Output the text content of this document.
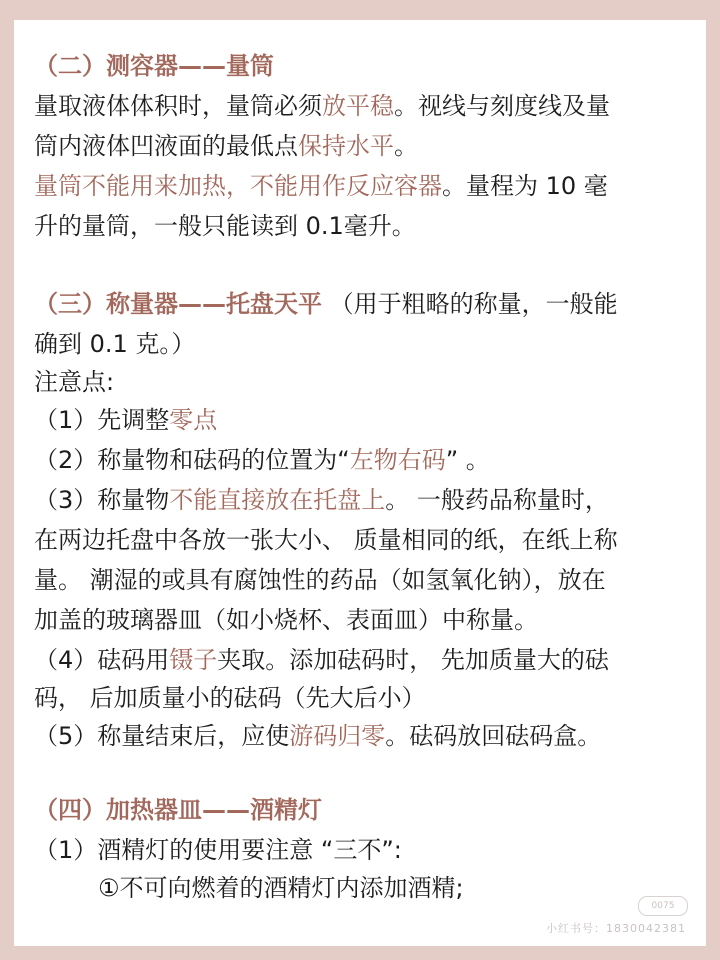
（二）测容器——量筒
量取液体体积时，量筒必须放平稳。视线与刻度线及量
筒内液体凹液面的最低点保持水平。
量筒不能用来加热，不能用作反应容器。量程为 10 毫
升的量筒，一般只能读到 0.1毫升。
（三）称量器——托盘天平 （用于粗略的称量，一般能
确到 0.1 克。）
注意点:
（1）先调整零点
（2）称量物和砝码的位置为“左物右码” 。
（3）称量物不能直接放在托盘上。 一般药品称量时，
在两边托盘中各放一张大小、 质量相同的纸，在纸上称
量。 潮湿的或具有腐蚀性的药品（如氢氧化钠），放在
加盖的玻璃器皿（如小烧杯、表面皿）中称量。
（4）砝码用镊子夹取。添加砝码时， 先加质量大的砝
码， 后加质量小的砝码（先大后小）
（5）称量结束后，应使游码归零。砝码放回砝码盒。
（四）加热器皿——酒精灯
（1）酒精灯的使用要注意 “三不”:
①不可向燃着的酒精灯内添加酒精;
0075
小红书号：1830042381
